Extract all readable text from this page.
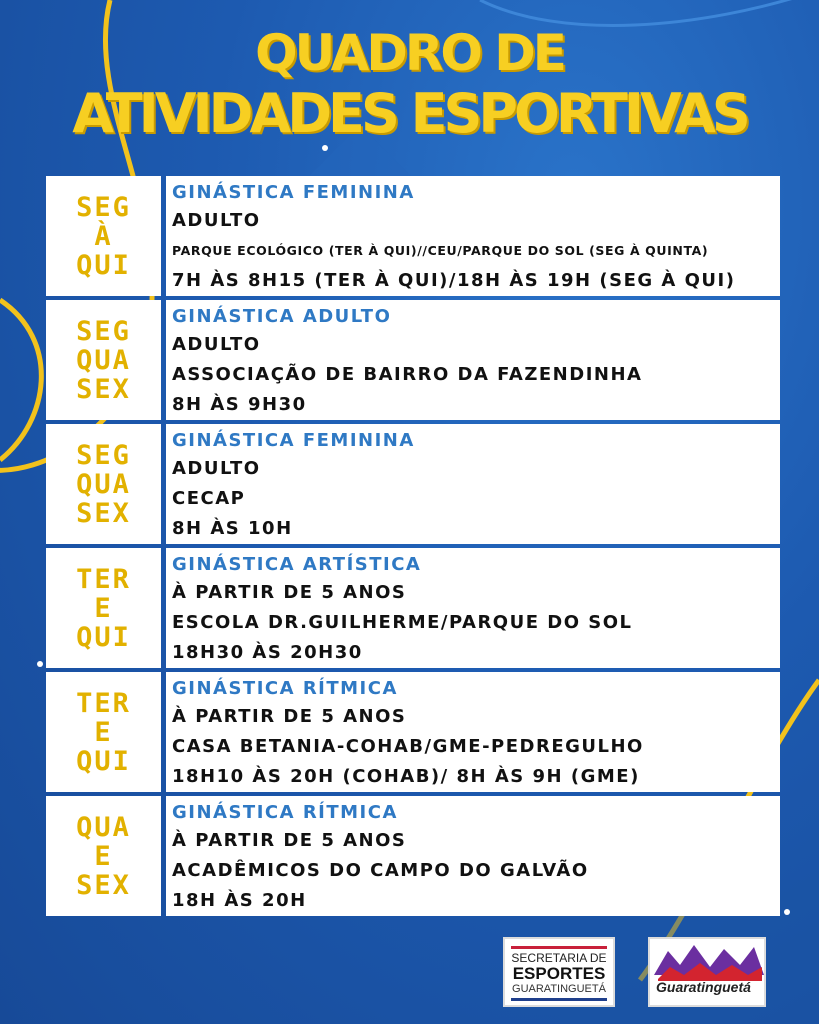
QUADRO DE
ATIVIDADES ESPORTIVAS
SEG
À
QUI
GINÁSTICA FEMININA
ADULTO
PARQUE ECOLÓGICO (TER À QUI)//CEU/PARQUE DO SOL (SEG À QUINTA)
7H ÀS 8H15 (TER À QUI)/18H ÀS 19H (SEG À QUI)
SEG
QUA
SEX
GINÁSTICA ADULTO
ADULTO
ASSOCIAÇÃO DE BAIRRO DA FAZENDINHA
8H ÀS 9H30
SEG
QUA
SEX
GINÁSTICA FEMININA
ADULTO
CECAP
8H ÀS 10H
TER
E
QUI
GINÁSTICA ARTÍSTICA
À PARTIR DE 5 ANOS
ESCOLA DR.GUILHERME/PARQUE DO SOL
18H30 ÀS 20H30
TER
E
QUI
GINÁSTICA RÍTMICA
À PARTIR DE 5 ANOS
CASA BETANIA-COHAB/GME-PEDREGULHO
18H10 ÀS 20H (COHAB)/ 8H ÀS 9H (GME)
QUA
E
SEX
GINÁSTICA RÍTMICA
À PARTIR DE 5 ANOS
ACADÊMICOS DO CAMPO DO GALVÃO
18H ÀS 20H
SECRETARIA DE
ESPORTES
GUARATINGUETÁ	Guaratinguetá
